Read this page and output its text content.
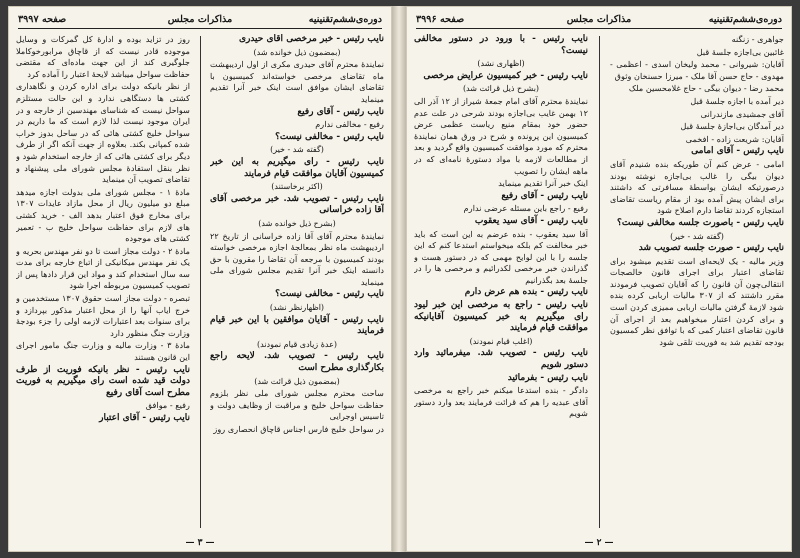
دوره‌ی‌ششم‌تقنینیه
مذاکرات مجلس
صفحه ۳۹۹۷

نایب رئیس - خبر مرخصی آقای حیدری

(بمضمون ذیل خوانده شد)

نمایندهٔ محترم آقای حیدری مکری از اول اردیبهشت ماه تقاضای مرخصی خواسته‌اند کمیسیون با تقاضای ایشان موافق است اینک خبر آنرا تقدیم مینماید

نایب رئیس - آقای رفیع

رفیع - مخالفی ندارم

نایب رئیس - مخالفی نیست؟

(گفته شد - خیر)

نایب رئیس - رای میگیریم به این خبر کمیسیون آقایان موافقت قیام فرمایند

(اکثر برخاستند)

نایب رئیس - تصویب شد. خبر مرخصی آقای آقا زاده خراسانی

(بشرح ذیل خوانده شد)

نمایندهٔ محترم آقای آقا زاده خراسانی از تاریخ ۲۲ اردیبهشت ماه نظر بمعالجهٔ اجازه مرخصی خواسته بودند کمیسیون با مرجعه آن تقاضا را مقرون با حق دانسته اینک خبر آنرا تقدیم مجلس شورای ملی مینماید

نایب رئیس - مخالفی نیست؟

(اظهارنظر نشد)

نایب رئیس - آقایان موافقین با این خبر قیام فرمایند

(عدهٔ زیادی قیام نمودند)

نایب رئیس - تصویب شد. لایحه راجع بکارگذاری مطرح است

(بمضمون ذیل قرائت شد)

ساحت محترم مجلس شورای ملی نظر بلزوم حفاظت سواحل خلیج و مراقبت از وظایف دولت و تاسیس اوجرایی

در سواحل خلیج فارس اجناس قاچاق انحصاری روز

روز در تزاید بوده و ادارهٔ کل گمرکات و وسایل موجوده قادر نیست که از قاچاق مرابورخوکاملا جلوگیری کند از این جهت ماده‌ای که مقتضی حفاظت سواحل میباشد لایحهٔ اعتبار را آماده کرد

از نظر بانیکه دولت برای اداره کردن و نگاهداری کشتی ها دستگاهی ندارد و این حالت مستلزم سواحل نیست که شناسای مهندسین از خارجه و در ایران موجود نیست لذا لازم است که ما داریم در سواحل خلیج کشتی هائی که در ساحل بدوز خراب شده کمپانی بکند. بعلاوه از جهت آنکه اگر از طرف دیگر برای کشتی هائی که از خارجه استخدام شود و نظر بنقل استفادهٔ مجلس شورای ملی پیشنهاد و تقاضای تصویب آن مینماید

مادهٔ ۱ - مجلس شورای ملی بدولت اجازه میدهد مبلغ دو میلیون ریال از محل مازاد عایدات ۱۳۰۷ برای مخارج فوق اعتبار بدهد الف - خرید کشتی های لازم برای حفاظت سواحل خلیج ب - تعمیر کشتی های موجوده

مادهٔ ۲ - دولت مجاز است تا دو نفر مهندس بحریه و یک نفر مهندس میکانیکی از اتباع خارجه برای مدت سه سال استخدام کند و مواد این قرار دادها پس از تصویب کمیسیون مربوطه اجرا شود

تبصره - دولت مجاز است حقوق ۱۳۰۷ مستخدمین و خرج ایاب آنها را از محل اعتبار مذکور بپردازد و برای سنوات بعد اعتبارات لازمه اولی را جزء بودجهٔ وزارت جنگ منظور دارد

مادهٔ ۳ - وزارت مالیه و وزارت جنگ مامور اجرای این قانون هستند

نایب رئیس - نظر بانیکه فوریت از طرف دولت قید شده است رای میگیریم به فوریت مطرح است آقای رفیع

رفیع - موافق

نایب رئیس - آقای اعتبار

— ۳ —
دوره‌ی‌ششم‌تقنینیه
مذاکرات مجلس
صفحه ۳۹۹۶

جواهری - زنگنه

غائبین بی‌اجازه جلسهٔ قبل

آقایان: شیروانی - محمد ولیخان اسدی - اعظمی - مهدوی - حاج حسن آقا ملک - میرزا حسنخان وثوق

محمد رضا - دیوان بیگی - حاج غلامحسین ملک

دیر آمده با اجازه جلسهٔ قبل

آقای جمشیدی مازندرانی

دیر آمدگان بی‌اجازهٔ جلسهٔ قبل

آقایان: شریعت زاده - افخمی

نایب رئیس - آقای امامی

امامی - عرض کنم آن طوریکه بنده شنیدم آقای دیوان بیگی را غالب بی‌اجازه نوشته بودند درصورتیکه ایشان بواسطهٔ مسافرتی که داشتند برای ایشان پیش آمده بود از مقام ریاست تقاضای استجازه کردند تقاضا دارم اصلاح شود

نایب رئیس - باصورت جلسه مخالفی نیست؟

(گفته شد - خیر)

نایب رئیس - صورت جلسه تصویب شد

وزیر مالیه - یک لایحه‌ای است تقدیم میشود برای تقاضای اعتبار برای اجرای قانون خالصجات انتقالی‌چون آن قانون را که آقایان تصویب فرمودند مقرر داشتند که از ۳۰۷ مالیات اربابی کرده بنده شود لازمهٔ گرفتن مالیات اربابی ممیزی کردن است و برای کردن اعتبار میخواهیم بعد از اجرای آن قانون تقاضای اعتبار کمی که با توافق نظر کمسیون بودجه تقدیم شد به فوریت تلقی شود

نایب رئیس - با ورود در دستور مخالفی نیست؟

(اظهاری نشد)

نایب رئیس - خبر کمیسیون عرایض مرخصی

(بشرح ذیل قرائت شد)

نمایندهٔ محترم آقای امام جمعهٔ شیراز از ۱۲ آذر الی ۱۲ بهمن غایب بی‌اجازه بودند شرحی در علت عدم حضور خود بمقام منیع ریاست عظمی عرض کمیسیون این پرونده و شرح در ورق همان نمایندهٔ محترم که مورد موافقت کمیسیون واقع گردید و بعد از مطالعات لازمه با مواد دستورهٔ نامه‌ای که در ماهه ایشان را تصویب

اینک خبر آنرا تقدیم مینماید

نایب رئیس - آقای رفیع

رفیع - راجع باین مسئله عرضی ندارم

نایب رئیس - آقای سید یعقوب

آقا سید یعقوب - بنده عرضم به این است که باید خبر مخالفت کم بلکه میخواستم استدعا کنم که این جلسه را با این لوایح مهمی که در دستور هست و گذراندن خبر مرخصی لکدرائیم و مرخصی ها را در جلسهٔ بعد بگذرانیم

نایب رئیس - بنده هم عرض دارم

نایب رئیس - راجع به مرخصی این خبر لیود رای میگیریم به خبر کمیسیون آقایانیکه موافقت قیام فرمایند

(اغلب قیام نمودند)

نایب رئیس - تصویب شد. میفرمائید وارد دستور شویم

نایب رئیس - بفرمائید

دادگر - بنده استدعا میکنم خبر راجع به مرخصی آقای عبدیه را هم که قرائت فرمایند بعد وارد دستور شویم

— ۲ —
